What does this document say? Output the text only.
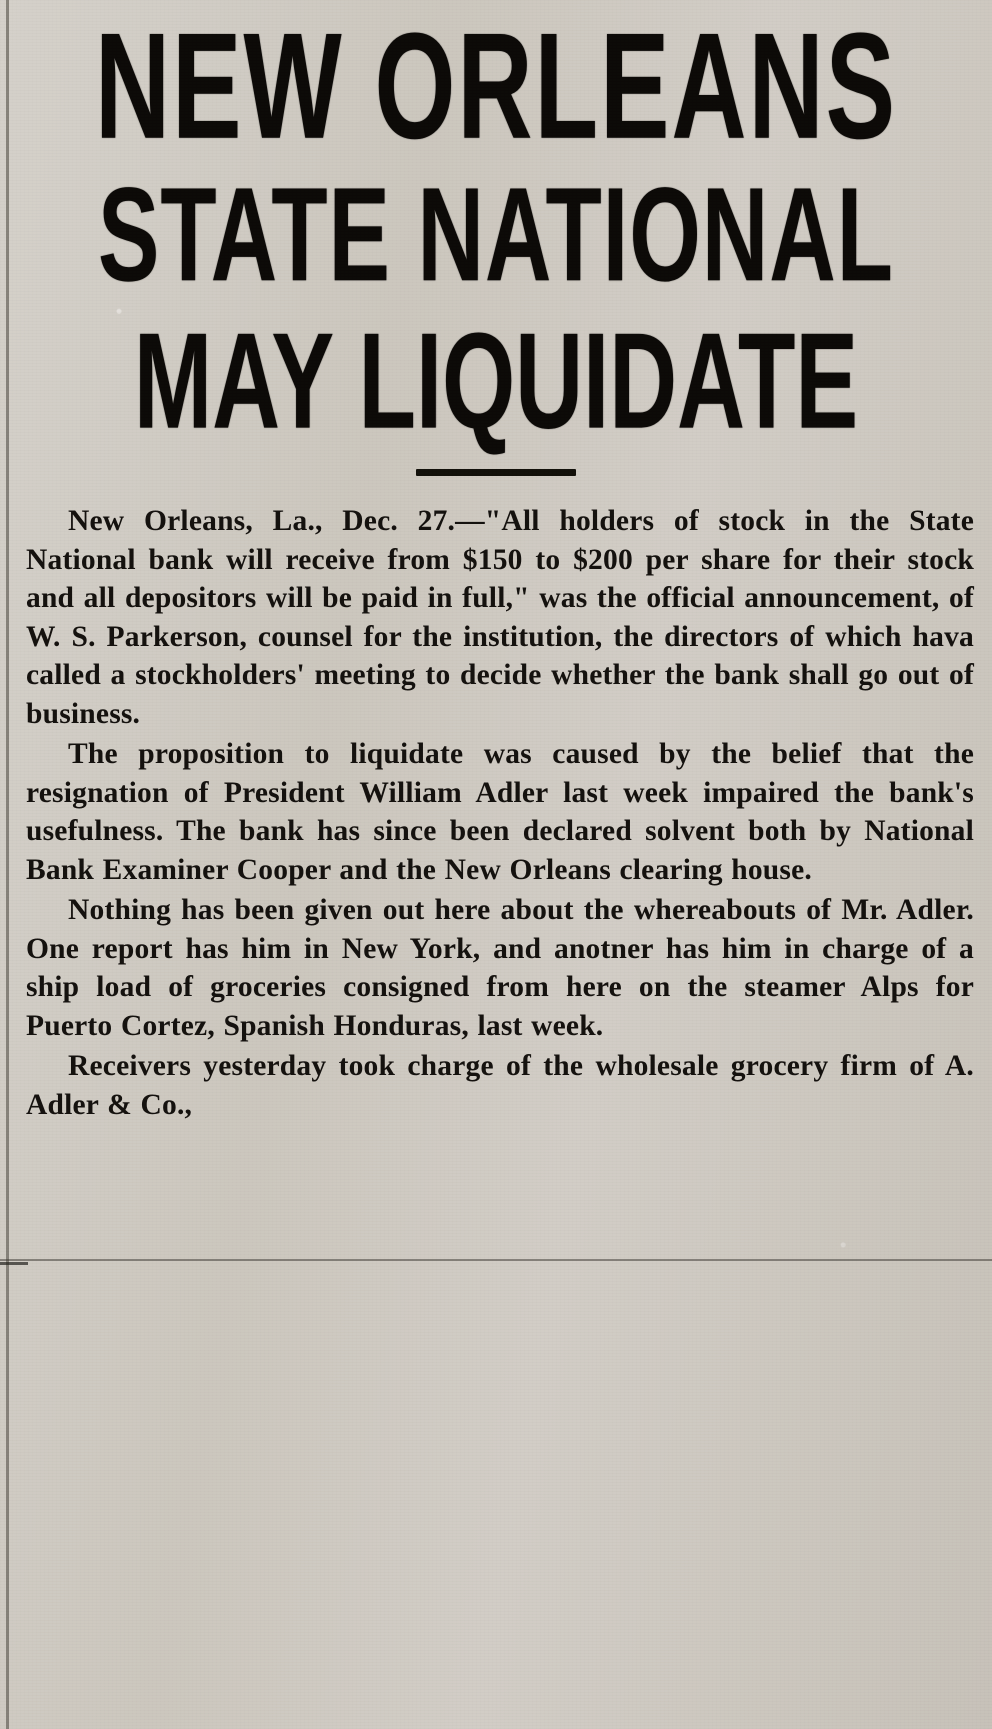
NEW ORLEANS
STATE NATIONAL
MAY LIQUIDATE

New Orleans, La., Dec. 27.—"All holders of stock in the State National bank will receive from $150 to $200 per share for their stock and all depositors will be paid in full," was the official announcement, of W. S. Parkerson, counsel for the institution, the directors of which hava called a stockholders' meeting to decide whether the bank shall go out of business.

The proposition to liquidate was caused by the belief that the resignation of President William Adler last week impaired the bank's usefulness. The bank has since been declared solvent both by National Bank Examiner Cooper and the New Orleans clearing house.

Nothing has been given out here about the whereabouts of Mr. Adler. One report has him in New York, and anotner has him in charge of a ship load of groceries consigned from here on the steamer Alps for Puerto Cortez, Spanish Honduras, last week.

Receivers yesterday took charge of the wholesale grocery firm of A. Adler & Co.,
